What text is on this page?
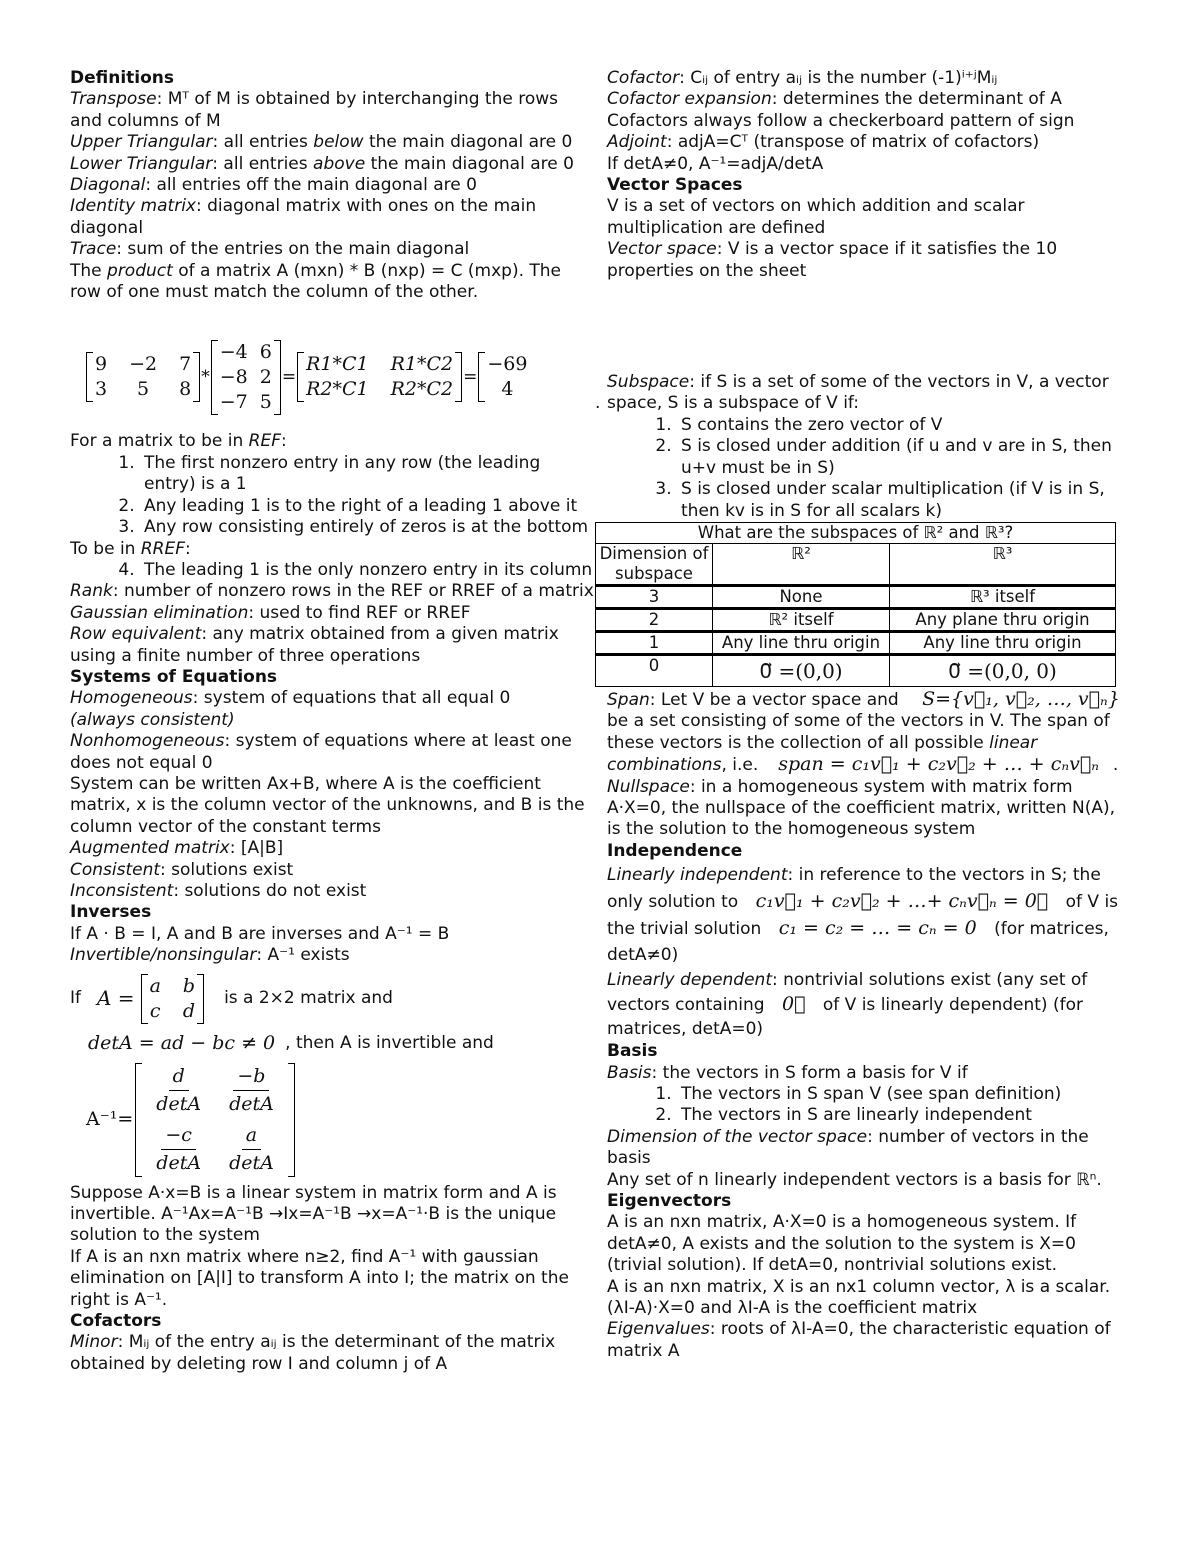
Definitions
Transpose: Mᵀ of M is obtained by interchanging the rows and columns of M
Upper Triangular: all entries below the main diagonal are 0
Lower Triangular: all entries above the main diagonal are 0
Diagonal: all entries off the main diagonal are 0
Identity matrix: diagonal matrix with ones on the main diagonal
Trace: sum of the entries on the main diagonal
The product of a matrix A (mxn) * B (nxp) = C (mxp). The row of one must match the column of the other.
9 −2 7
3	5	8
*
−4 6
−8 2
−7 5
=
R1*C1 R1*C2
R2*C1 R2*C2
=
−69
4
For a matrix to be in REF:
1. The first nonzero entry in any row (the leading entry) is a 1
2. Any leading 1 is to the right of a leading 1 above it
3. Any row consisting entirely of zeros is at the bottom
To be in RREF:
4. The leading 1 is the only nonzero entry in its column
Rank: number of nonzero rows in the REF or RREF of a matrix
Gaussian elimination: used to find REF or RREF
Row equivalent: any matrix obtained from a given matrix using a finite number of three operations
Systems of Equations
Homogeneous: system of equations that all equal 0
(always consistent)
Nonhomogeneous: system of equations where at least one does not equal 0
System can be written Ax+B, where A is the coefficient matrix, x is the column vector of the unknowns, and B is the column vector of the constant terms
Augmented matrix: [A|B]
Consistent: solutions exist
Inconsistent: solutions do not exist
Inverses
If A · B = I, A and B are inverses and A⁻¹ = B
Invertible/nonsingular: A⁻¹ exists
If A =
a b
c d
is a 2×2 matrix and
detA = ad − bc ≠ 0 , then A is invertible and
A⁻¹=
$\frac{d}{\det A} \frac{-b}{\det A}$
$\frac{-c}{\det A} \frac{a}{\det A}$
Suppose A·x=B is a linear system in matrix form and A is invertible. A⁻¹Ax=A⁻¹B →Ix=A⁻¹B →x=A⁻¹·B is the unique solution to the system
If A is an nxn matrix where n≥2, find A⁻¹ with gaussian elimination on [A|I] to transform A into I; the matrix on the right is A⁻¹.
Cofactors
Minor: Mᵢⱼ of the entry aᵢⱼ is the determinant of the matrix obtained by deleting row I and column j of A
Cofactor: Cᵢⱼ of entry aᵢⱼ is the number (-1)ⁱ⁺ʲMᵢⱼ
Cofactor expansion: determines the determinant of A
Cofactors always follow a checkerboard pattern of sign
Adjoint: adjA=Cᵀ (transpose of matrix of cofactors)
If detA≠0, A⁻¹=adjA/detA
Vector Spaces
V is a set of vectors on which addition and scalar multiplication are defined
Vector space: V is a vector space if it satisfies the 10 properties on the sheet
.
Subspace: if S is a set of some of the vectors in V, a vector space, S is a subspace of V if:
1. S contains the zero vector of V
2. S is closed under addition (if u and v are in S, then u+v must be in S)
3. S is closed under scalar multiplication (if V is in S, then kv is in S for all scalars k)
What are the subspaces of ℝ² and ℝ³?		
Dimension of subspace	ℝ²	ℝ³
3	None	ℝ³ itself
2	ℝ² itself	Any plane thru origin
1	Any line thru origin	Any line thru origin
0	0⃗ =(0,0)	0⃗ =(0,0, 0)
Span: Let V be a vector space and S={v⃗₁, v⃗₂, …, v⃗ₙ}
be a set consisting of some of the vectors in V. The span of these vectors is the collection of all possible linear combinations, i.e. span = c₁v⃗₁ + c₂v⃗₂ + … + cₙv⃗ₙ .
Nullspace: in a homogeneous system with matrix form A·X=0, the nullspace of the coefficient matrix, written N(A), is the solution to the homogeneous system
Independence
Linearly independent: in reference to the vectors in S; the only solution to c₁v⃗₁ + c₂v⃗₂ + …+ cₙv⃗ₙ = 0⃗ of V is the trivial solution c₁ = c₂ = … = cₙ = 0 (for matrices, detA≠0)
Linearly dependent: nontrivial solutions exist (any set of vectors containing 0⃗ of V is linearly dependent) (for matrices, detA=0)
Basis
Basis: the vectors in S form a basis for V if
1. The vectors in S span V (see span definition)
2. The vectors in S are linearly independent
Dimension of the vector space: number of vectors in the basis
Any set of n linearly independent vectors is a basis for ℝⁿ.
Eigenvectors
A is an nxn matrix, A·X=0 is a homogeneous system. If detA≠0, A exists and the solution to the system is X=0 (trivial solution). If detA=0, nontrivial solutions exist.
A is an nxn matrix, X is an nx1 column vector, λ is a scalar. (λI-A)·X=0 and λI-A is the coefficient matrix
Eigenvalues: roots of λI-A=0, the characteristic equation of matrix A
